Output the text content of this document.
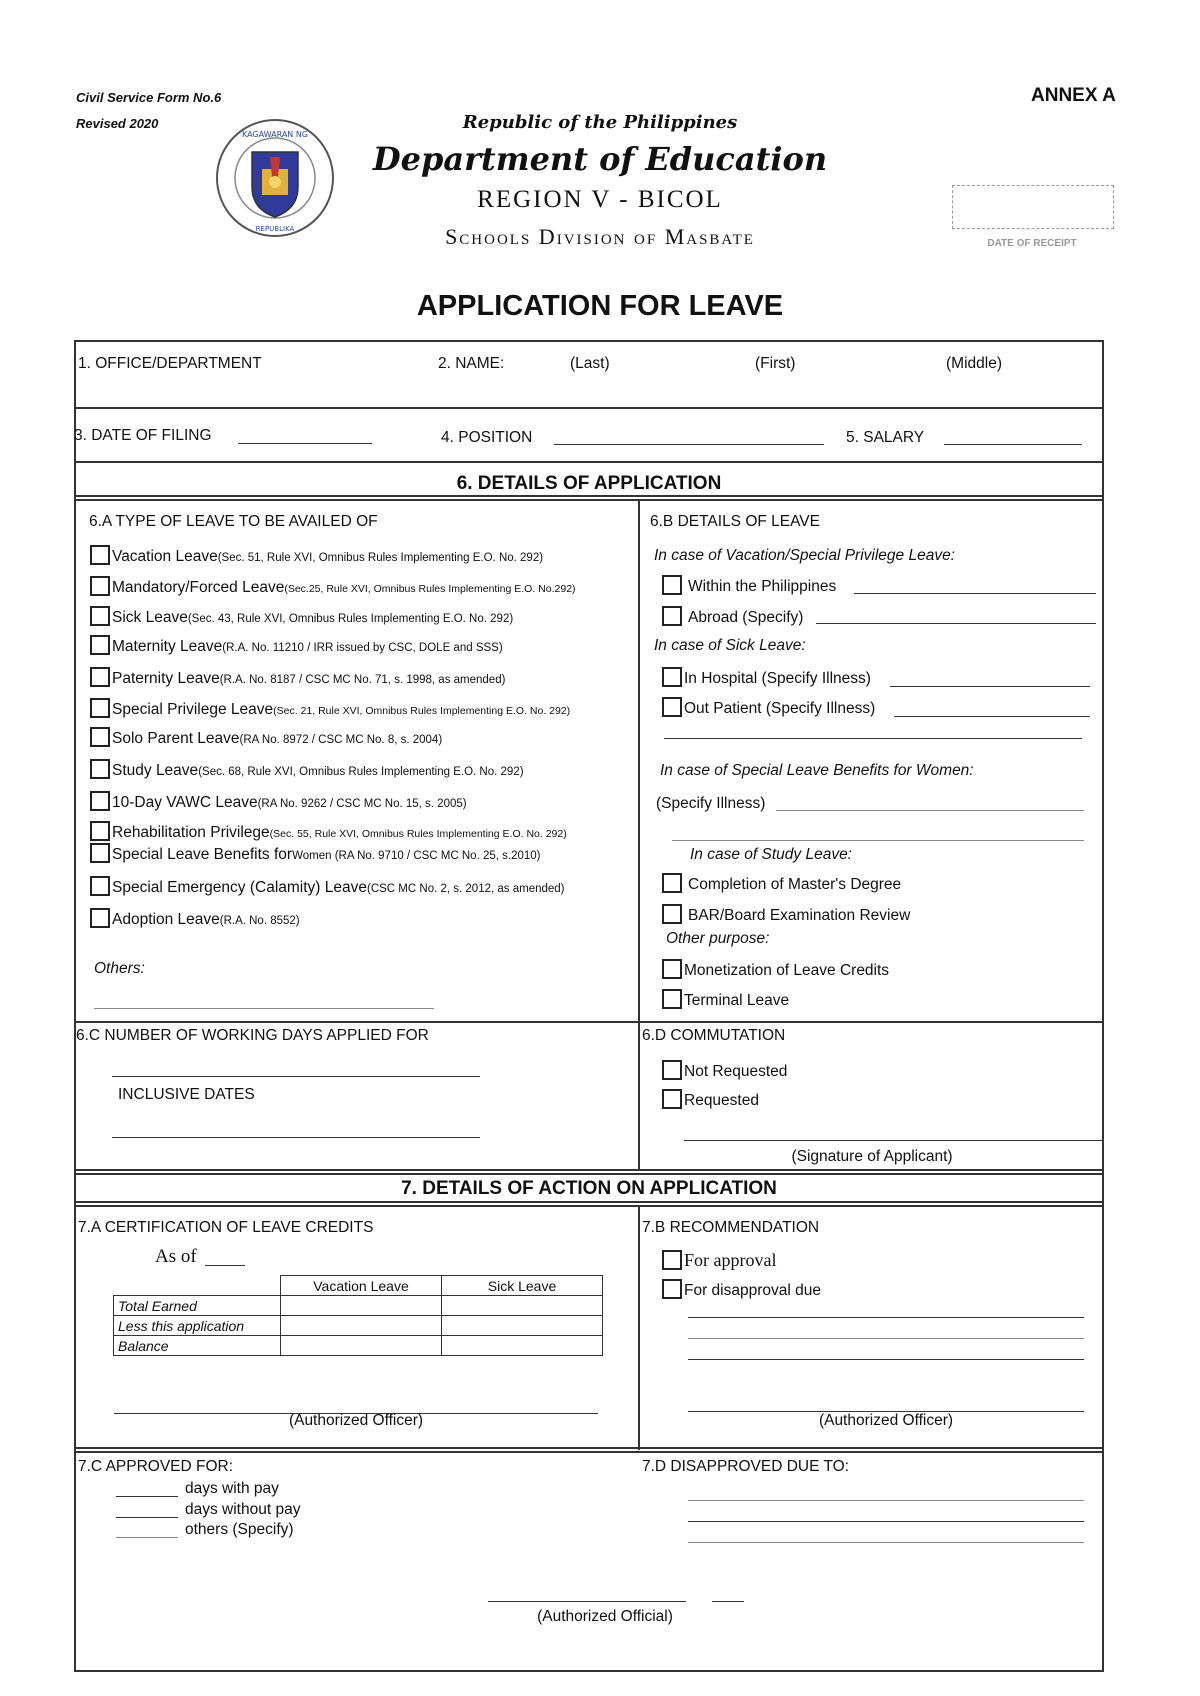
Civil Service Form No.6
Revised 2020
ANNEX A
KAGAWARAN NG
REPUBLIKA
Republic of the Philippines
Department of Education
REGION V - BICOL
Schools Division of Masbate	DATE OF RECEIPT
APPLICATION FOR LEAVE
1. OFFICE/DEPARTMENT	2. NAME:	(Last)	(First)	(Middle)
3. DATE OF FILING	4. POSITION	5. SALARY
6. DETAILS OF APPLICATION
6.A TYPE OF LEAVE TO BE AVAILED OF
Vacation Leave (Sec. 51, Rule XVI, Omnibus Rules Implementing E.O. No. 292)
Mandatory/Forced Leave (Sec.25, Rule XVI, Omnibus Rules Implementing E.O. No.292)
Sick Leave (Sec. 43, Rule XVI, Omnibus Rules Implementing E.O. No. 292)
Maternity Leave (R.A. No. 11210 / IRR issued by CSC, DOLE and SSS)
Paternity Leave (R.A. No. 8187 / CSC MC No. 71, s. 1998, as amended)
Special Privilege Leave (Sec. 21, Rule XVI, Omnibus Rules Implementing E.O. No. 292)
Solo Parent Leave (RA No. 8972 / CSC MC No. 8, s. 2004)
Study Leave (Sec. 68, Rule XVI, Omnibus Rules Implementing E.O. No. 292)
10-Day VAWC Leave (RA No. 9262 / CSC MC No. 15, s. 2005)
Rehabilitation Privilege (Sec. 55, Rule XVI, Omnibus Rules Implementing E.O. No. 292)
Special Leave Benefits for Women (RA No. 9710 / CSC MC No. 25, s.2010)
Special Emergency (Calamity) Leave (CSC MC No. 2, s. 2012, as amended)
Adoption Leave (R.A. No. 8552)
Others:
6.B DETAILS OF LEAVE
In case of Vacation/Special Privilege Leave:
Within the Philippines
Abroad (Specify)
In case of Sick Leave:
In Hospital (Specify Illness)
Out Patient (Specify Illness)
In case of Special Leave Benefits for Women:
(Specify Illness)
In case of Study Leave:
Completion of Master's Degree
BAR/Board Examination Review
Other purpose:
Monetization of Leave Credits
Terminal Leave
6.C NUMBER OF WORKING DAYS APPLIED FOR
INCLUSIVE DATES
6.D COMMUTATION
Not Requested
Requested
(Signature of Applicant)
7. DETAILS OF ACTION ON APPLICATION
7.A CERTIFICATION OF LEAVE CREDITS
As of
	Vacation Leave	Sick Leave
Total Earned		
Less this application		
Balance		
(Authorized Officer)
7.B RECOMMENDATION
For approval
For disapproval due
(Authorized Officer)
7.C APPROVED FOR:
days with pay
days without pay
others (Specify)
7.D DISAPPROVED DUE TO:
(Authorized Official)
